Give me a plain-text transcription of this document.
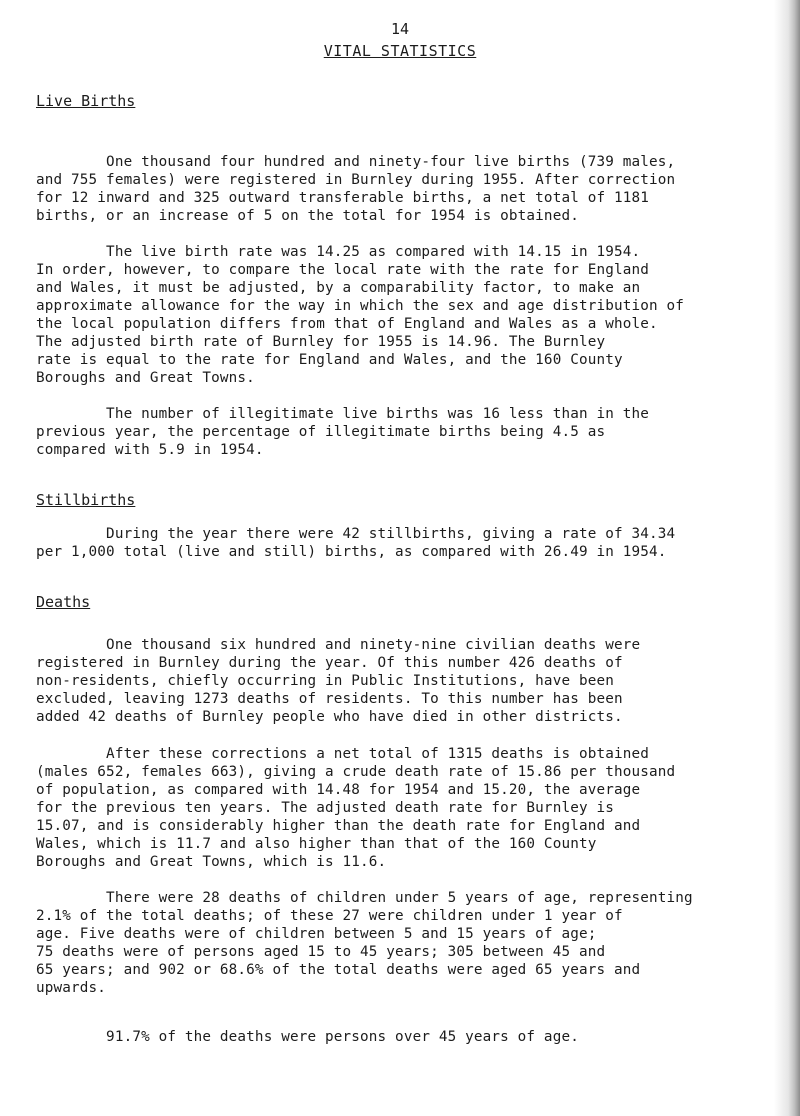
14
VITAL STATISTICS
Live Births
One thousand four hundred and ninety-four live births (739 males,
and 755 females) were registered in Burnley during 1955. After correction
for 12 inward and 325 outward transferable births, a net total of 1181
births, or an increase of 5 on the total for 1954 is obtained.
The live birth rate was 14.25 as compared with 14.15 in 1954.
In order, however, to compare the local rate with the rate for England
and Wales, it must be adjusted, by a comparability factor, to make an
approximate allowance for the way in which the sex and age distribution of
the local population differs from that of England and Wales as a whole.
The adjusted birth rate of Burnley for 1955 is 14.96. The Burnley
rate is equal to the rate for England and Wales, and the 160 County
Boroughs and Great Towns.
The number of illegitimate live births was 16 less than in the
previous year, the percentage of illegitimate births being 4.5 as
compared with 5.9 in 1954.
Stillbirths
During the year there were 42 stillbirths, giving a rate of 34.34
per 1,000 total (live and still) births, as compared with 26.49 in 1954.
Deaths
One thousand six hundred and ninety-nine civilian deaths were
registered in Burnley during the year. Of this number 426 deaths of
non-residents, chiefly occurring in Public Institutions, have been
excluded, leaving 1273 deaths of residents. To this number has been
added 42 deaths of Burnley people who have died in other districts.
After these corrections a net total of 1315 deaths is obtained
(males 652, females 663), giving a crude death rate of 15.86 per thousand
of population, as compared with 14.48 for 1954 and 15.20, the average
for the previous ten years. The adjusted death rate for Burnley is
15.07, and is considerably higher than the death rate for England and
Wales, which is 11.7 and also higher than that of the 160 County
Boroughs and Great Towns, which is 11.6.
There were 28 deaths of children under 5 years of age, representing
2.1% of the total deaths; of these 27 were children under 1 year of
age. Five deaths were of children between 5 and 15 years of age;
75 deaths were of persons aged 15 to 45 years; 305 between 45 and
65 years; and 902 or 68.6% of the total deaths were aged 65 years and
upwards.
91.7% of the deaths were persons over 45 years of age.
